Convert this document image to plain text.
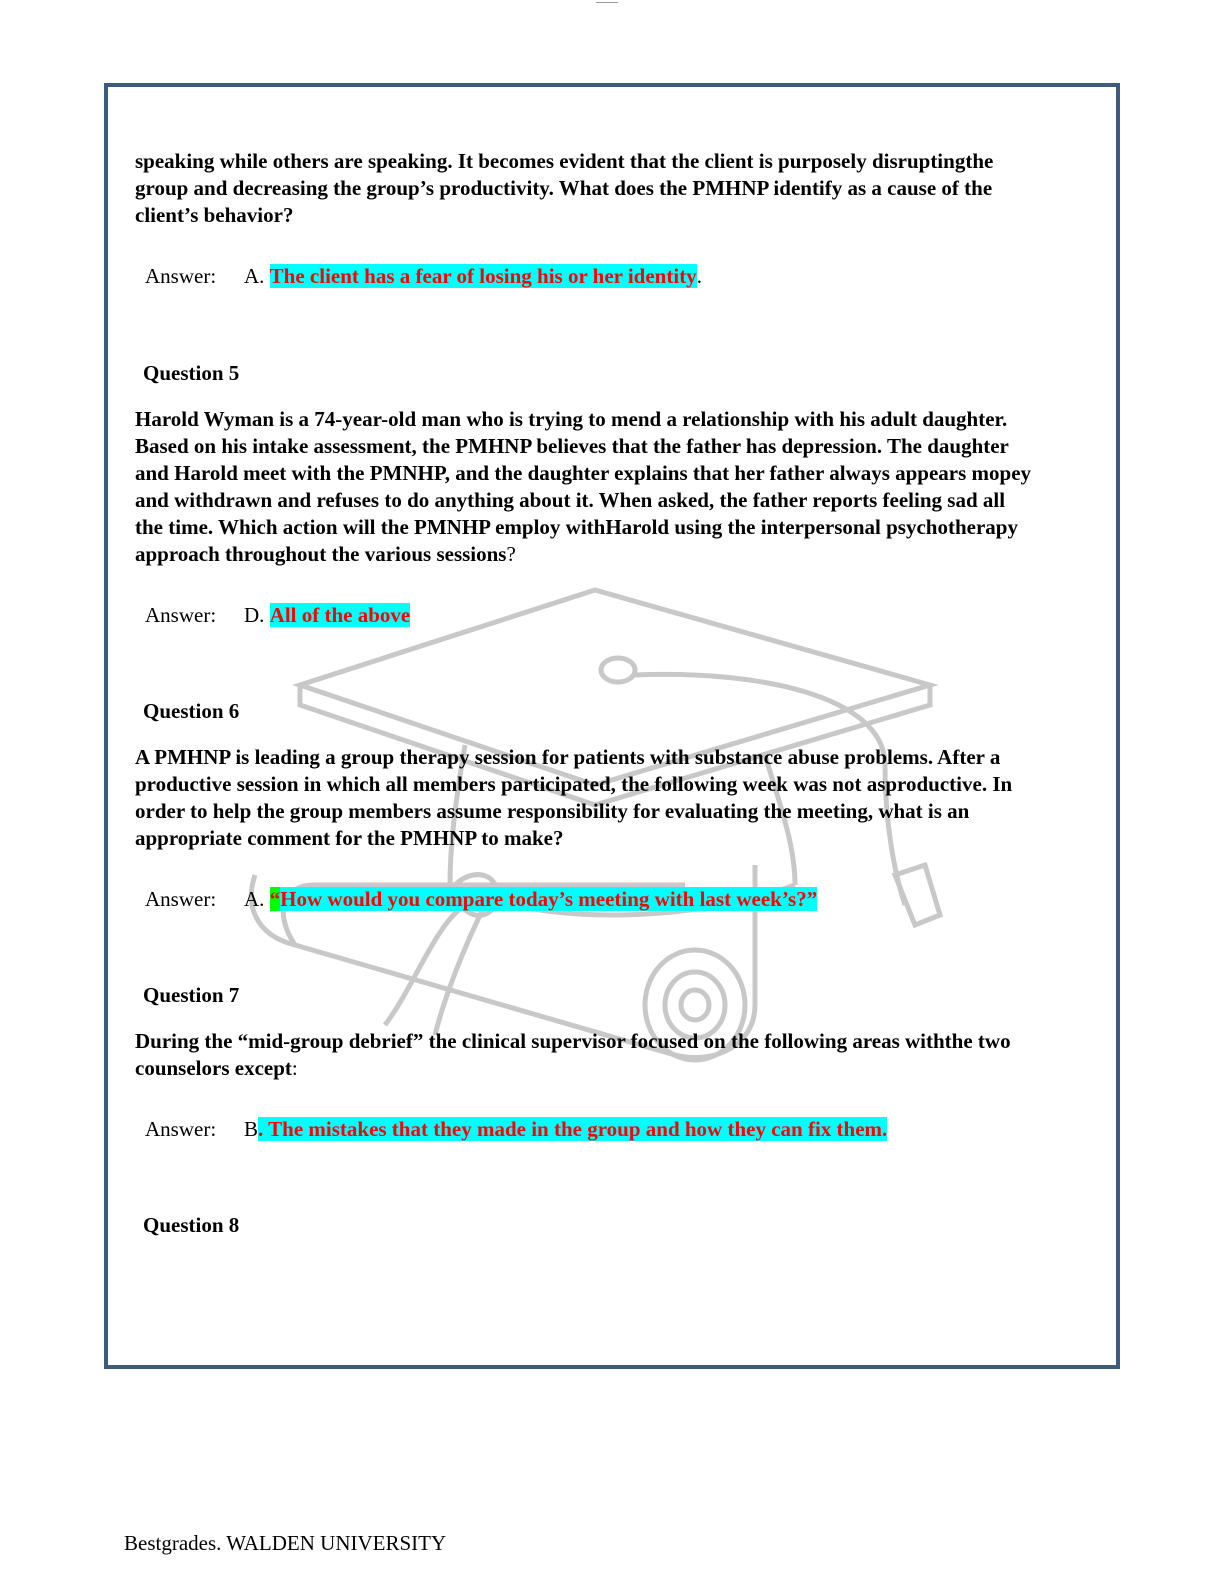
speaking while others are speaking. It becomes evident that the client is purposely disruptingthe group and decreasing the group’s productivity. What does the PMHNP identify as a cause of the client’s behavior?

Answer: A. The client has a fear of losing his or her identity.

Question 5

Harold Wyman is a 74-year-old man who is trying to mend a relationship with his adult daughter. Based on his intake assessment, the PMHNP believes that the father has depression. The daughter and Harold meet with the PMNHP, and the daughter explains that her father always appears mopey and withdrawn and refuses to do anything about it. When asked, the father reports feeling sad all the time. Which action will the PMNHP employ withHarold using the interpersonal psychotherapy approach throughout the various sessions?

Answer: D. All of the above

Question 6

A PMHNP is leading a group therapy session for patients with substance abuse problems. After a productive session in which all members participated, the following week was not asproductive. In order to help the group members assume responsibility for evaluating the meeting, what is an appropriate comment for the PMHNP to make?

Answer: A. “How would you compare today’s meeting with last week’s?”

Question 7

During the “mid-group debrief” the clinical supervisor focused on the following areas withthe two counselors except:

Answer: B. The mistakes that they made in the group and how they can fix them.

Question 8

Bestgrades. WALDEN UNIVERSITY
